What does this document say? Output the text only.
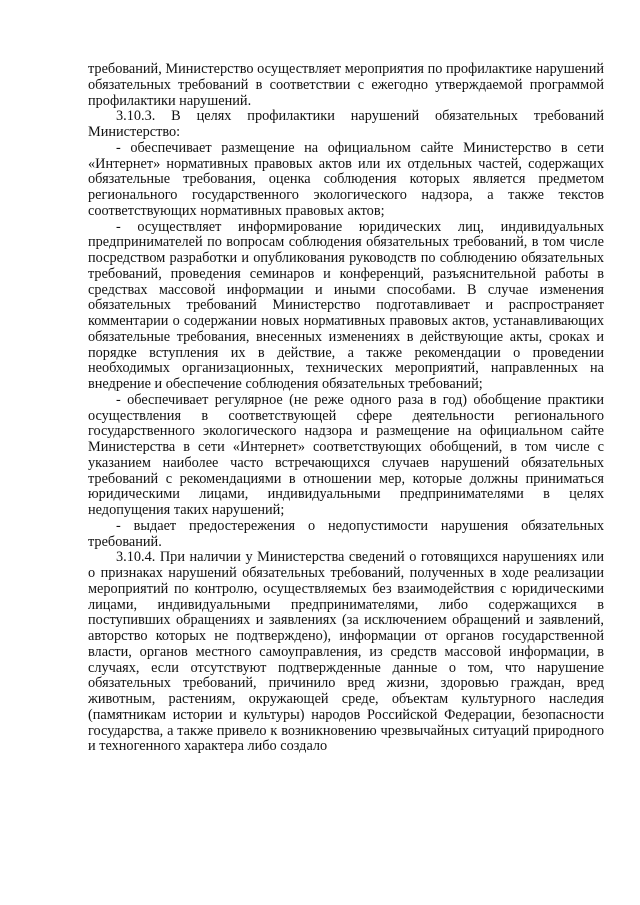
требований, Министерство осуществляет мероприятия по профилактике нарушений обязательных требований в соответствии с ежегодно утверждаемой программой профилактики нарушений.

3.10.3. В целях профилактики нарушений обязательных требований Министерство:

- обеспечивает размещение на официальном сайте Министерство в сети «Интернет» нормативных правовых актов или их отдельных частей, содержащих обязательные требования, оценка соблюдения которых является предметом регионального государственного экологического надзора, а также текстов соответствующих нормативных правовых актов;

- осуществляет информирование юридических лиц, индивидуальных предпринимателей по вопросам соблюдения обязательных требований, в том числе посредством разработки и опубликования руководств по соблюдению обязательных требований, проведения семинаров и конференций, разъяснительной работы в средствах массовой информации и иными способами. В случае изменения обязательных требований Министерство подготавливает и распространяет комментарии о содержании новых нормативных правовых актов, устанавливающих обязательные требования, внесенных изменениях в действующие акты, сроках и порядке вступления их в действие, а также рекомендации о проведении необходимых организационных, технических мероприятий, направленных на внедрение и обеспечение соблюдения обязательных требований;

- обеспечивает регулярное (не реже одного раза в год) обобщение практики осуществления в соответствующей сфере деятельности регионального государственного экологического надзора и размещение на официальном сайте Министерства в сети «Интернет» соответствующих обобщений, в том числе с указанием наиболее часто встречающихся случаев нарушений обязательных требований с рекомендациями в отношении мер, которые должны приниматься юридическими лицами, индивидуальными предпринимателями в целях недопущения таких нарушений;

- выдает предостережения о недопустимости нарушения обязательных требований.

3.10.4. При наличии у Министерства сведений о готовящихся нарушениях или о признаках нарушений обязательных требований, полученных в ходе реализации мероприятий по контролю, осуществляемых без взаимодействия с юридическими лицами, индивидуальными предпринимателями, либо содержащихся в поступивших обращениях и заявлениях (за исключением обращений и заявлений, авторство которых не подтверждено), информации от органов государственной власти, органов местного самоуправления, из средств массовой информации, в случаях, если отсутствуют подтвержденные данные о том, что нарушение обязательных требований, причинило вред жизни, здоровью граждан, вред животным, растениям, окружающей среде, объектам культурного наследия (памятникам истории и культуры) народов Российской Федерации, безопасности государства, а также привело к возникновению чрезвычайных ситуаций природного и техногенного характера либо создало
